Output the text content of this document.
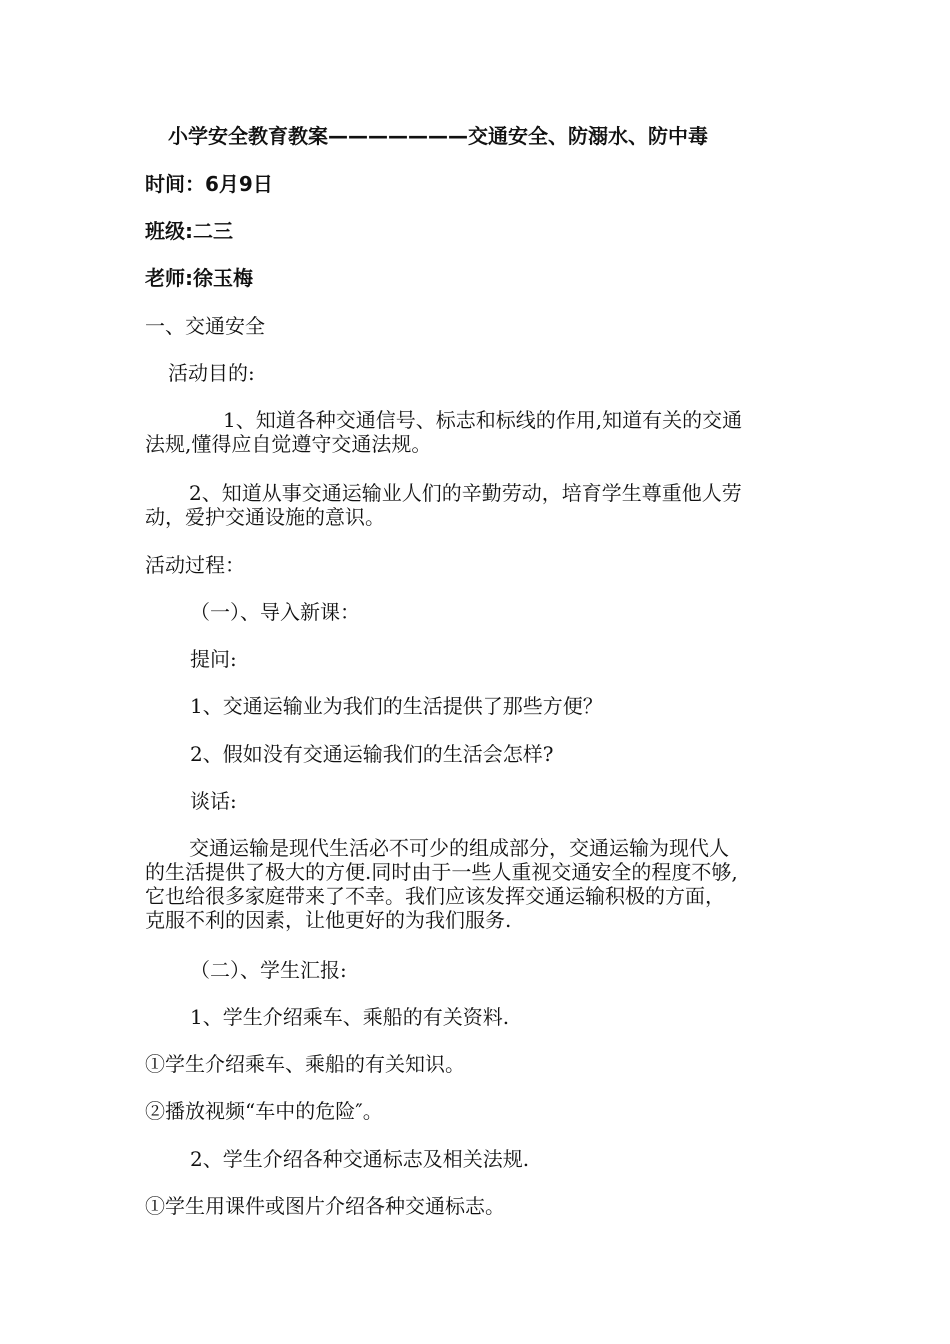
小学安全教育教案———————交通安全、防溺水、防中毒
时间：6月9日
班级:二三
老师:徐玉梅
一、交通安全
活动目的:
1、知道各种交通信号、标志和标线的作用,知道有关的交通
法规,懂得应自觉遵守交通法规。
2、知道从事交通运输业人们的辛勤劳动，培育学生尊重他人劳
动，爱护交通设施的意识。
活动过程：
（一）、导入新课：
提问:
1、交通运输业为我们的生活提供了那些方便？
2、假如没有交通运输我们的生活会怎样?
谈话:
交通运输是现代生活必不可少的组成部分，交通运输为现代人
的生活提供了极大的方便.同时由于一些人重视交通安全的程度不够,
它也给很多家庭带来了不幸。我们应该发挥交通运输积极的方面，
克服不利的因素，让他更好的为我们服务.
（二）、学生汇报:
1、学生介绍乘车、乘船的有关资料.
①学生介绍乘车、乘船的有关知识。
②播放视频“车中的危险″。
2、学生介绍各种交通标志及相关法规.
①学生用课件或图片介绍各种交通标志。
